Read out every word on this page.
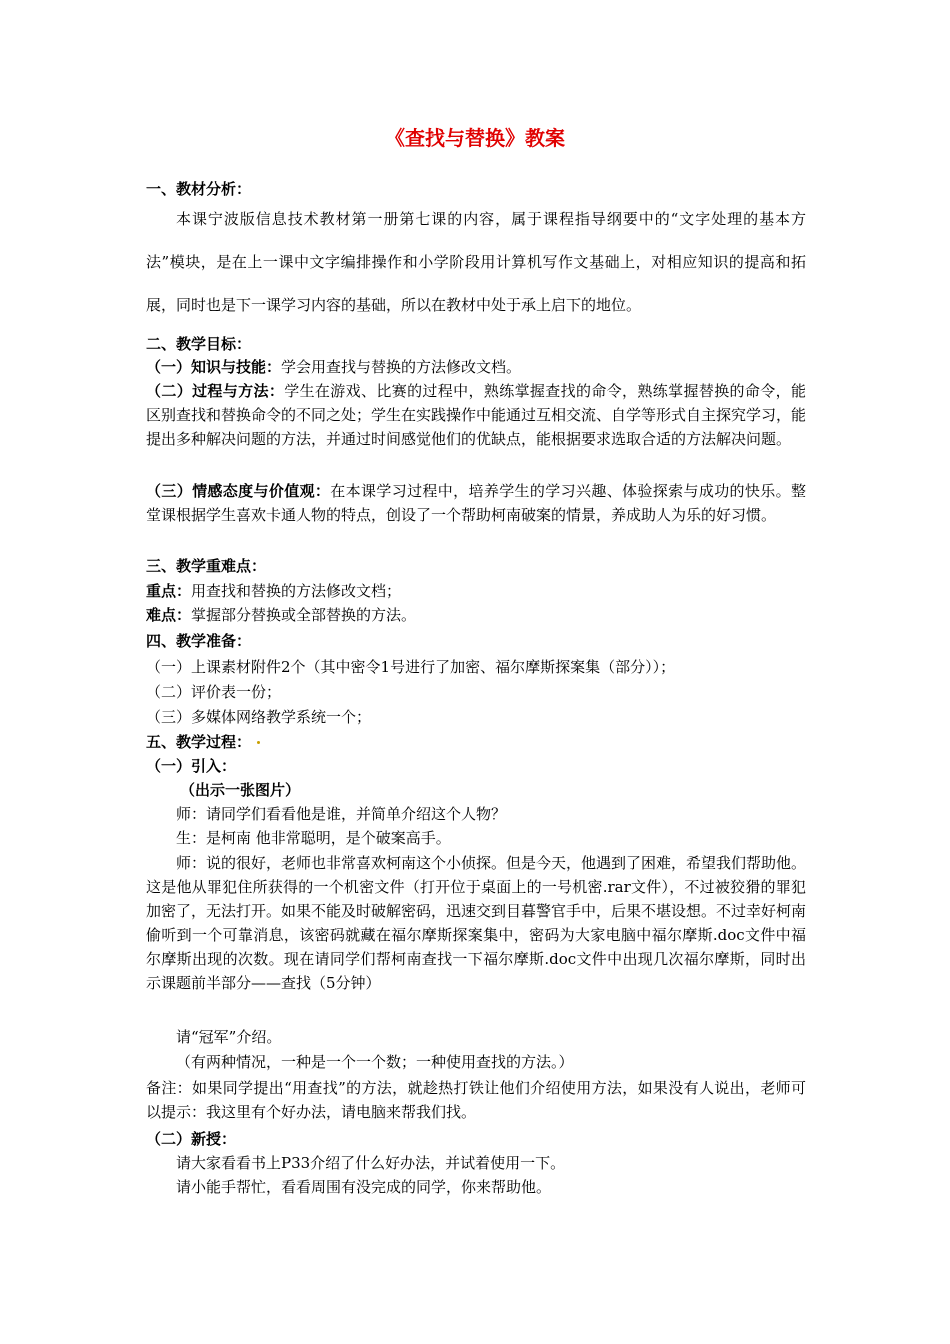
《查找与替换》教案
一、教材分析：
本课宁波版信息技术教材第一册第七课的内容，属于课程指导纲要中的“文字处理的基本方法”模块，是在上一课中文字编排操作和小学阶段用计算机写作文基础上，对相应知识的提高和拓展，同时也是下一课学习内容的基础，所以在教材中处于承上启下的地位。
二、教学目标：
（一）知识与技能：学会用查找与替换的方法修改文档。
（二）过程与方法：学生在游戏、比赛的过程中，熟练掌握查找的命令，熟练掌握替换的命令，能区别查找和替换命令的不同之处；学生在实践操作中能通过互相交流、自学等形式自主探究学习，能提出多种解决问题的方法，并通过时间感觉他们的优缺点，能根据要求选取合适的方法解决问题。
（三）情感态度与价值观：在本课学习过程中，培养学生的学习兴趣、体验探索与成功的快乐。整堂课根据学生喜欢卡通人物的特点，创设了一个帮助柯南破案的情景，养成助人为乐的好习惯。
三、教学重难点：
重点：用查找和替换的方法修改文档；
难点：掌握部分替换或全部替换的方法。
四、教学准备：
（一）上课素材附件2个（其中密令1号进行了加密、福尔摩斯探案集（部分））；
（二）评价表一份；
（三）多媒体网络教学系统一个；
五、教学过程：
（一）引入：
（出示一张图片）
师：请同学们看看他是谁，并简单介绍这个人物？
生：是柯南 他非常聪明，是个破案高手。
师：说的很好，老师也非常喜欢柯南这个小侦探。但是今天，他遇到了困难，希望我们帮助他。这是他从罪犯住所获得的一个机密文件（打开位于桌面上的一号机密.rar文件），不过被狡猾的罪犯加密了，无法打开。如果不能及时破解密码，迅速交到目暮警官手中，后果不堪设想。不过幸好柯南偷听到一个可靠消息，该密码就藏在福尔摩斯探案集中，密码为大家电脑中福尔摩斯.doc文件中福尔摩斯出现的次数。现在请同学们帮柯南查找一下福尔摩斯.doc文件中出现几次福尔摩斯，同时出示课题前半部分——查找（5分钟）
请“冠军”介绍。
（有两种情况，一种是一个一个数；一种使用查找的方法。）
备注：如果同学提出“用查找”的方法，就趁热打铁让他们介绍使用方法，如果没有人说出，老师可以提示：我这里有个好办法，请电脑来帮我们找。
（二）新授：
请大家看看书上P33介绍了什么好办法，并试着使用一下。
请小能手帮忙，看看周围有没完成的同学，你来帮助他。
